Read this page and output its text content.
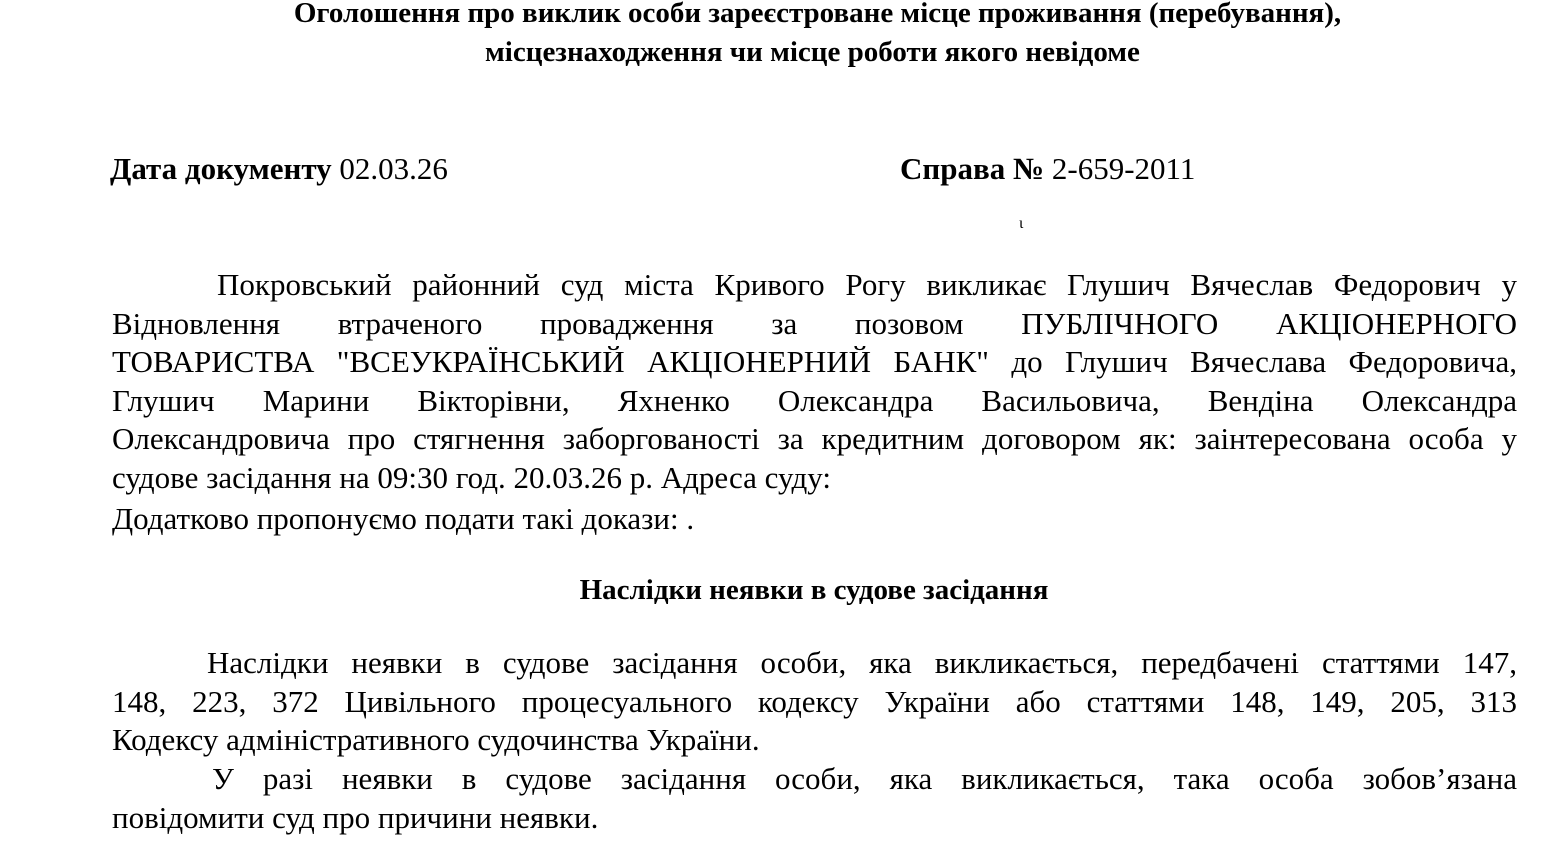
Оголошення про виклик особи зареєстроване місце проживання (перебування),
місцезнаходження чи місце роботи якого невідоме
Дата документу 02.03.26	Справа № 2-659-2011
ι
Покровський районний суд міста Кривого Рогу викликає Глушич Вячеслав Федорович у
Відновлення втраченого провадження за позовом ПУБЛІЧНОГО АКЦІОНЕРНОГО
ТОВАРИСТВА "ВСЕУКРАЇНСЬКИЙ АКЦІОНЕРНИЙ БАНК" до Глушич Вячеслава Федоровича,
Глушич Марини Вікторівни, Яхненко Олександра Васильовича, Вендіна Олександра
Олександровича про стягнення заборгованості за кредитним договором як: заінтересована особа у
судове засідання на 09:30 год. 20.03.26 р. Адреса суду:
Додатково пропонуємо подати такі докази: .
Наслідки неявки в судове засідання
Наслідки неявки в судове засідання особи, яка викликається, передбачені статтями 147,
148, 223, 372 Цивільного процесуального кодексу України або статтями 148, 149, 205, 313
Кодексу адміністративного судочинства України.
У разі неявки в судове засідання особи, яка викликається, така особа зобов’язана
повідомити суд про причини неявки.
